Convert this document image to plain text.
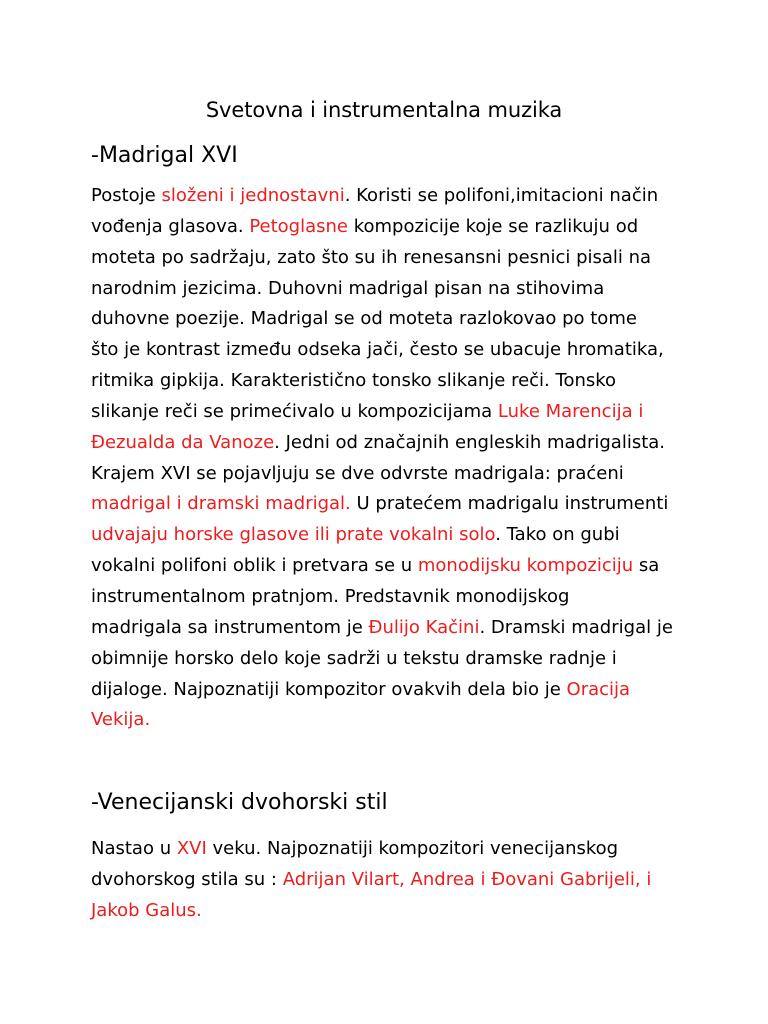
Svetovna i instrumentalna muzika
-Madrigal XVI

Postoje složeni i jednostavni. Koristi se polifoni,imitacioni način
vođenja glasova. Petoglasne kompozicije koje se razlikuju od
moteta po sadržaju, zato što su ih renesansni pesnici pisali na
narodnim jezicima. Duhovni madrigal pisan na stihovima
duhovne poezije. Madrigal se od moteta razlokovao po tome
što je kontrast između odseka jači, često se ubacuje hromatika,
ritmika gipkija. Karakteristično tonsko slikanje reči. Tonsko
slikanje reči se primećivalo u kompozicijama Luke Marencija i
Đezualda da Vanoze. Jedni od značajnih engleskih madrigalista.
Krajem XVI se pojavljuju se dve odvrste madrigala: praćeni
madrigal i dramski madrigal. U pratećem madrigalu instrumenti
udvajaju horske glasove ili prate vokalni solo. Tako on gubi
vokalni polifoni oblik i pretvara se u monodijsku kompoziciju sa
instrumentalnom pratnjom. Predstavnik monodijskog
madrigala sa instrumentom je Đulijo Kačini. Dramski madrigal je
obimnije horsko delo koje sadrži u tekstu dramske radnje i
dijaloge. Najpoznatiji kompozitor ovakvih dela bio je Oracija
Vekija.

-Venecijanski dvohorski stil

Nastao u XVI veku. Najpoznatiji kompozitori venecijanskog
dvohorskog stila su : Adrijan Vilart, Andrea i Đovani Gabrijeli, i
Jakob Galus.
